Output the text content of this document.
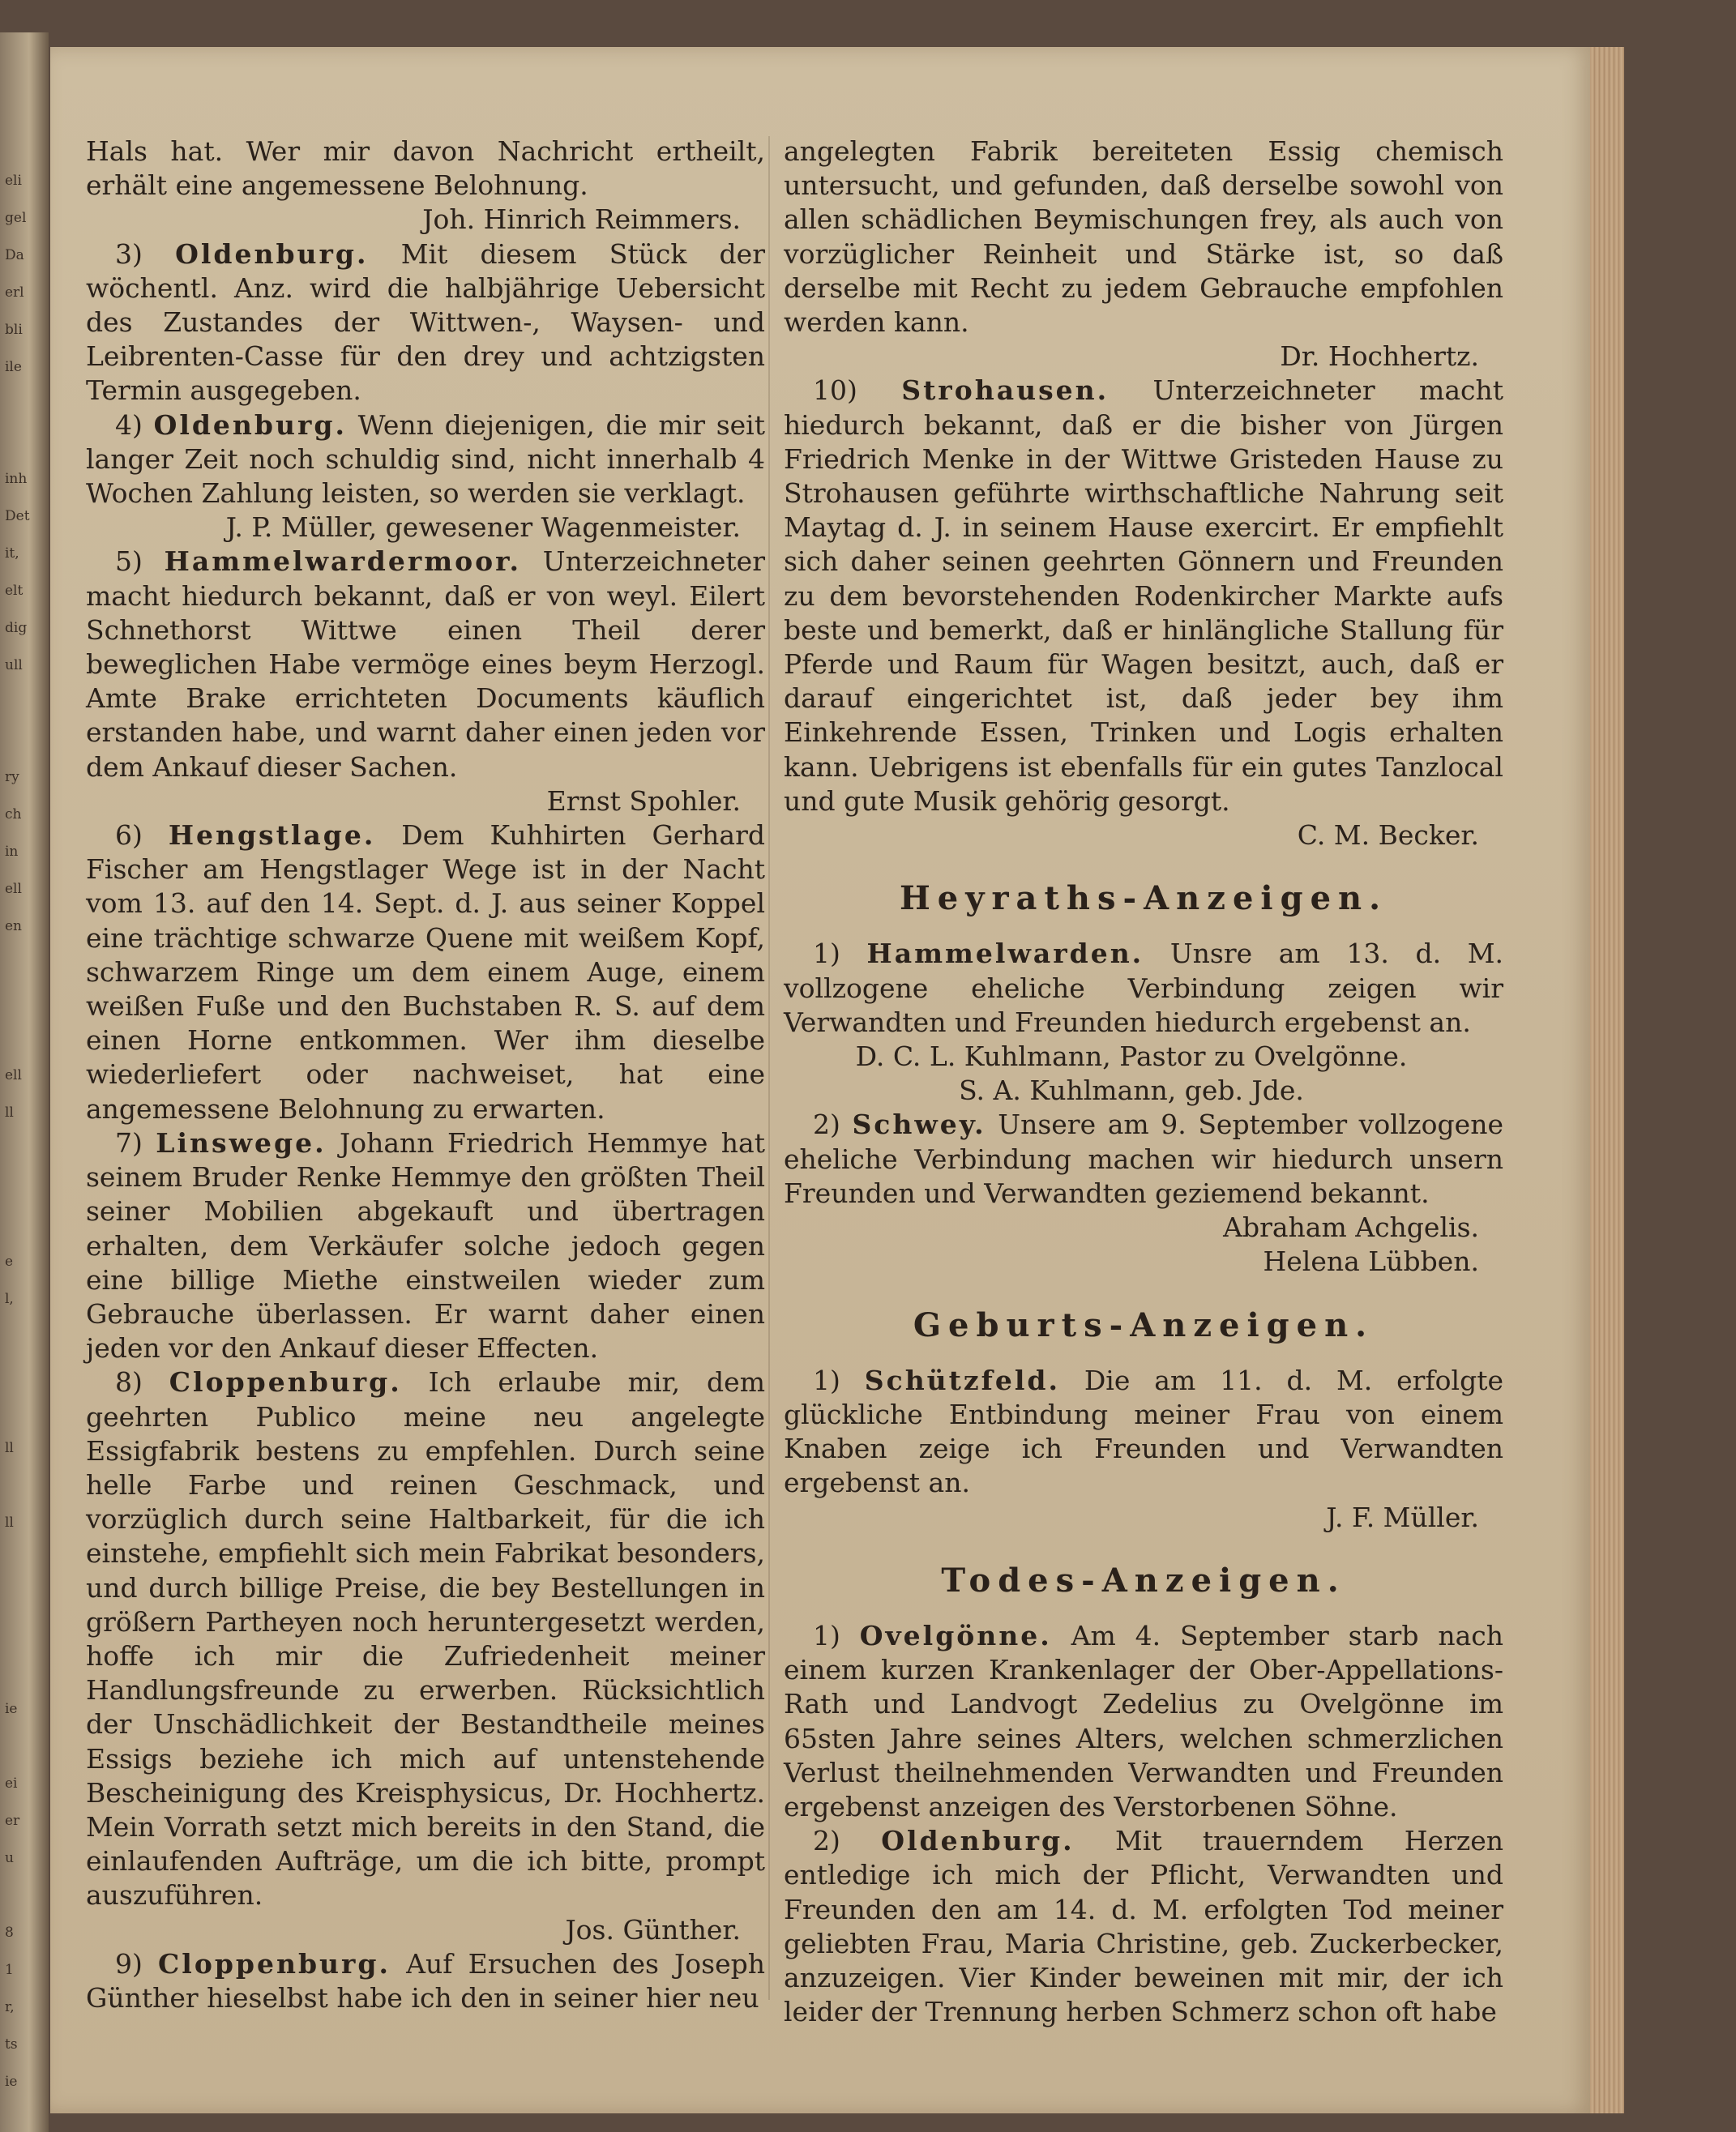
eli
gel
Da
erl
bli
ile
inh
Det
it,
elt
dig
ull
ry
ch
in
ell
en
ell
ll
e
l,
ll
ll
ie
ei
er
u
8
1
r,
ts
ie

Hals hat. Wer mir davon Nachricht ertheilt, erhält eine angemessene Belohnung.

Joh. Hinrich Reimmers.

3) Oldenburg. Mit diesem Stück der wöchentl. Anz. wird die halbjährige Uebersicht des Zustandes der Wittwen-, Waysen- und Leibrenten-Casse für den drey und achtzigsten Termin ausgegeben.

4) Oldenburg. Wenn diejenigen, die mir seit langer Zeit noch schuldig sind, nicht innerhalb 4 Wochen Zahlung leisten, so werden sie verklagt.

J. P. Müller, gewesener Wagenmeister.

5) Hammelwardermoor. Unterzeichneter macht hiedurch bekannt, daß er von weyl. Eilert Schnethorst Wittwe einen Theil derer beweglichen Habe vermöge eines beym Herzogl. Amte Brake errichteten Documents käuflich erstanden habe, und warnt daher einen jeden vor dem Ankauf dieser Sachen.

Ernst Spohler.

6) Hengstlage. Dem Kuhhirten Gerhard Fischer am Hengstlager Wege ist in der Nacht vom 13. auf den 14. Sept. d. J. aus seiner Koppel eine trächtige schwarze Quene mit weißem Kopf, schwarzem Ringe um dem einem Auge, einem weißen Fuße und den Buchstaben R. S. auf dem einen Horne entkommen. Wer ihm dieselbe wiederliefert oder nachweiset, hat eine angemessene Belohnung zu erwarten.

7) Linswege. Johann Friedrich Hemmye hat seinem Bruder Renke Hemmye den größten Theil seiner Mobilien abgekauft und übertragen erhalten, dem Verkäufer solche jedoch gegen eine billige Miethe einstweilen wieder zum Gebrauche überlassen. Er warnt daher einen jeden vor den Ankauf dieser Effecten.

8) Cloppenburg. Ich erlaube mir, dem geehrten Publico meine neu angelegte Essigfabrik bestens zu empfehlen. Durch seine helle Farbe und reinen Geschmack, und vorzüglich durch seine Haltbarkeit, für die ich einstehe, empfiehlt sich mein Fabrikat besonders, und durch billige Preise, die bey Bestellungen in größern Partheyen noch heruntergesetzt werden, hoffe ich mir die Zufriedenheit meiner Handlungsfreunde zu erwerben. Rücksichtlich der Unschädlichkeit der Bestandtheile meines Essigs beziehe ich mich auf untenstehende Bescheinigung des Kreisphysicus, Dr. Hochhertz. Mein Vorrath setzt mich bereits in den Stand, die einlaufenden Aufträge, um die ich bitte, prompt auszuführen.

Jos. Günther.

9) Cloppenburg. Auf Ersuchen des Joseph Günther hieselbst habe ich den in seiner hier neu

angelegten Fabrik bereiteten Essig chemisch untersucht, und gefunden, daß derselbe sowohl von allen schädlichen Beymischungen frey, als auch von vorzüglicher Reinheit und Stärke ist, so daß derselbe mit Recht zu jedem Gebrauche empfohlen werden kann.

Dr. Hochhertz.

10) Strohausen. Unterzeichneter macht hiedurch bekannt, daß er die bisher von Jürgen Friedrich Menke in der Wittwe Gristeden Hause zu Strohausen geführte wirthschaftliche Nahrung seit Maytag d. J. in seinem Hause exercirt. Er empfiehlt sich daher seinen geehrten Gönnern und Freunden zu dem bevorstehenden Rodenkircher Markte aufs beste und bemerkt, daß er hinlängliche Stallung für Pferde und Raum für Wagen besitzt, auch, daß er darauf eingerichtet ist, daß jeder bey ihm Einkehrende Essen, Trinken und Logis erhalten kann. Uebrigens ist ebenfalls für ein gutes Tanzlocal und gute Musik gehörig gesorgt.

C. M. Becker.

Heyraths-Anzeigen.

1) Hammelwarden. Unsre am 13. d. M. vollzogene eheliche Verbindung zeigen wir Verwandten und Freunden hiedurch ergebenst an.

D. C. L. Kuhlmann, Pastor zu Ovelgönne.

S. A. Kuhlmann, geb. Jde.

2) Schwey. Unsere am 9. September vollzogene eheliche Verbindung machen wir hiedurch unsern Freunden und Verwandten geziemend bekannt.

Abraham Achgelis.

Helena Lübben.

Geburts-Anzeigen.

1) Schützfeld. Die am 11. d. M. erfolgte glückliche Entbindung meiner Frau von einem Knaben zeige ich Freunden und Verwandten ergebenst an.

J. F. Müller.

Todes-Anzeigen.

1) Ovelgönne. Am 4. September starb nach einem kurzen Krankenlager der Ober-Appellations-Rath und Landvogt Zedelius zu Ovelgönne im 65sten Jahre seines Alters, welchen schmerzlichen Verlust theilnehmenden Verwandten und Freunden ergebenst anzeigen des Verstorbenen Söhne.

2) Oldenburg. Mit trauerndem Herzen entledige ich mich der Pflicht, Verwandten und Freunden den am 14. d. M. erfolgten Tod meiner geliebten Frau, Maria Christine, geb. Zuckerbecker, anzuzeigen. Vier Kinder beweinen mit mir, der ich leider der Trennung herben Schmerz schon oft habe
